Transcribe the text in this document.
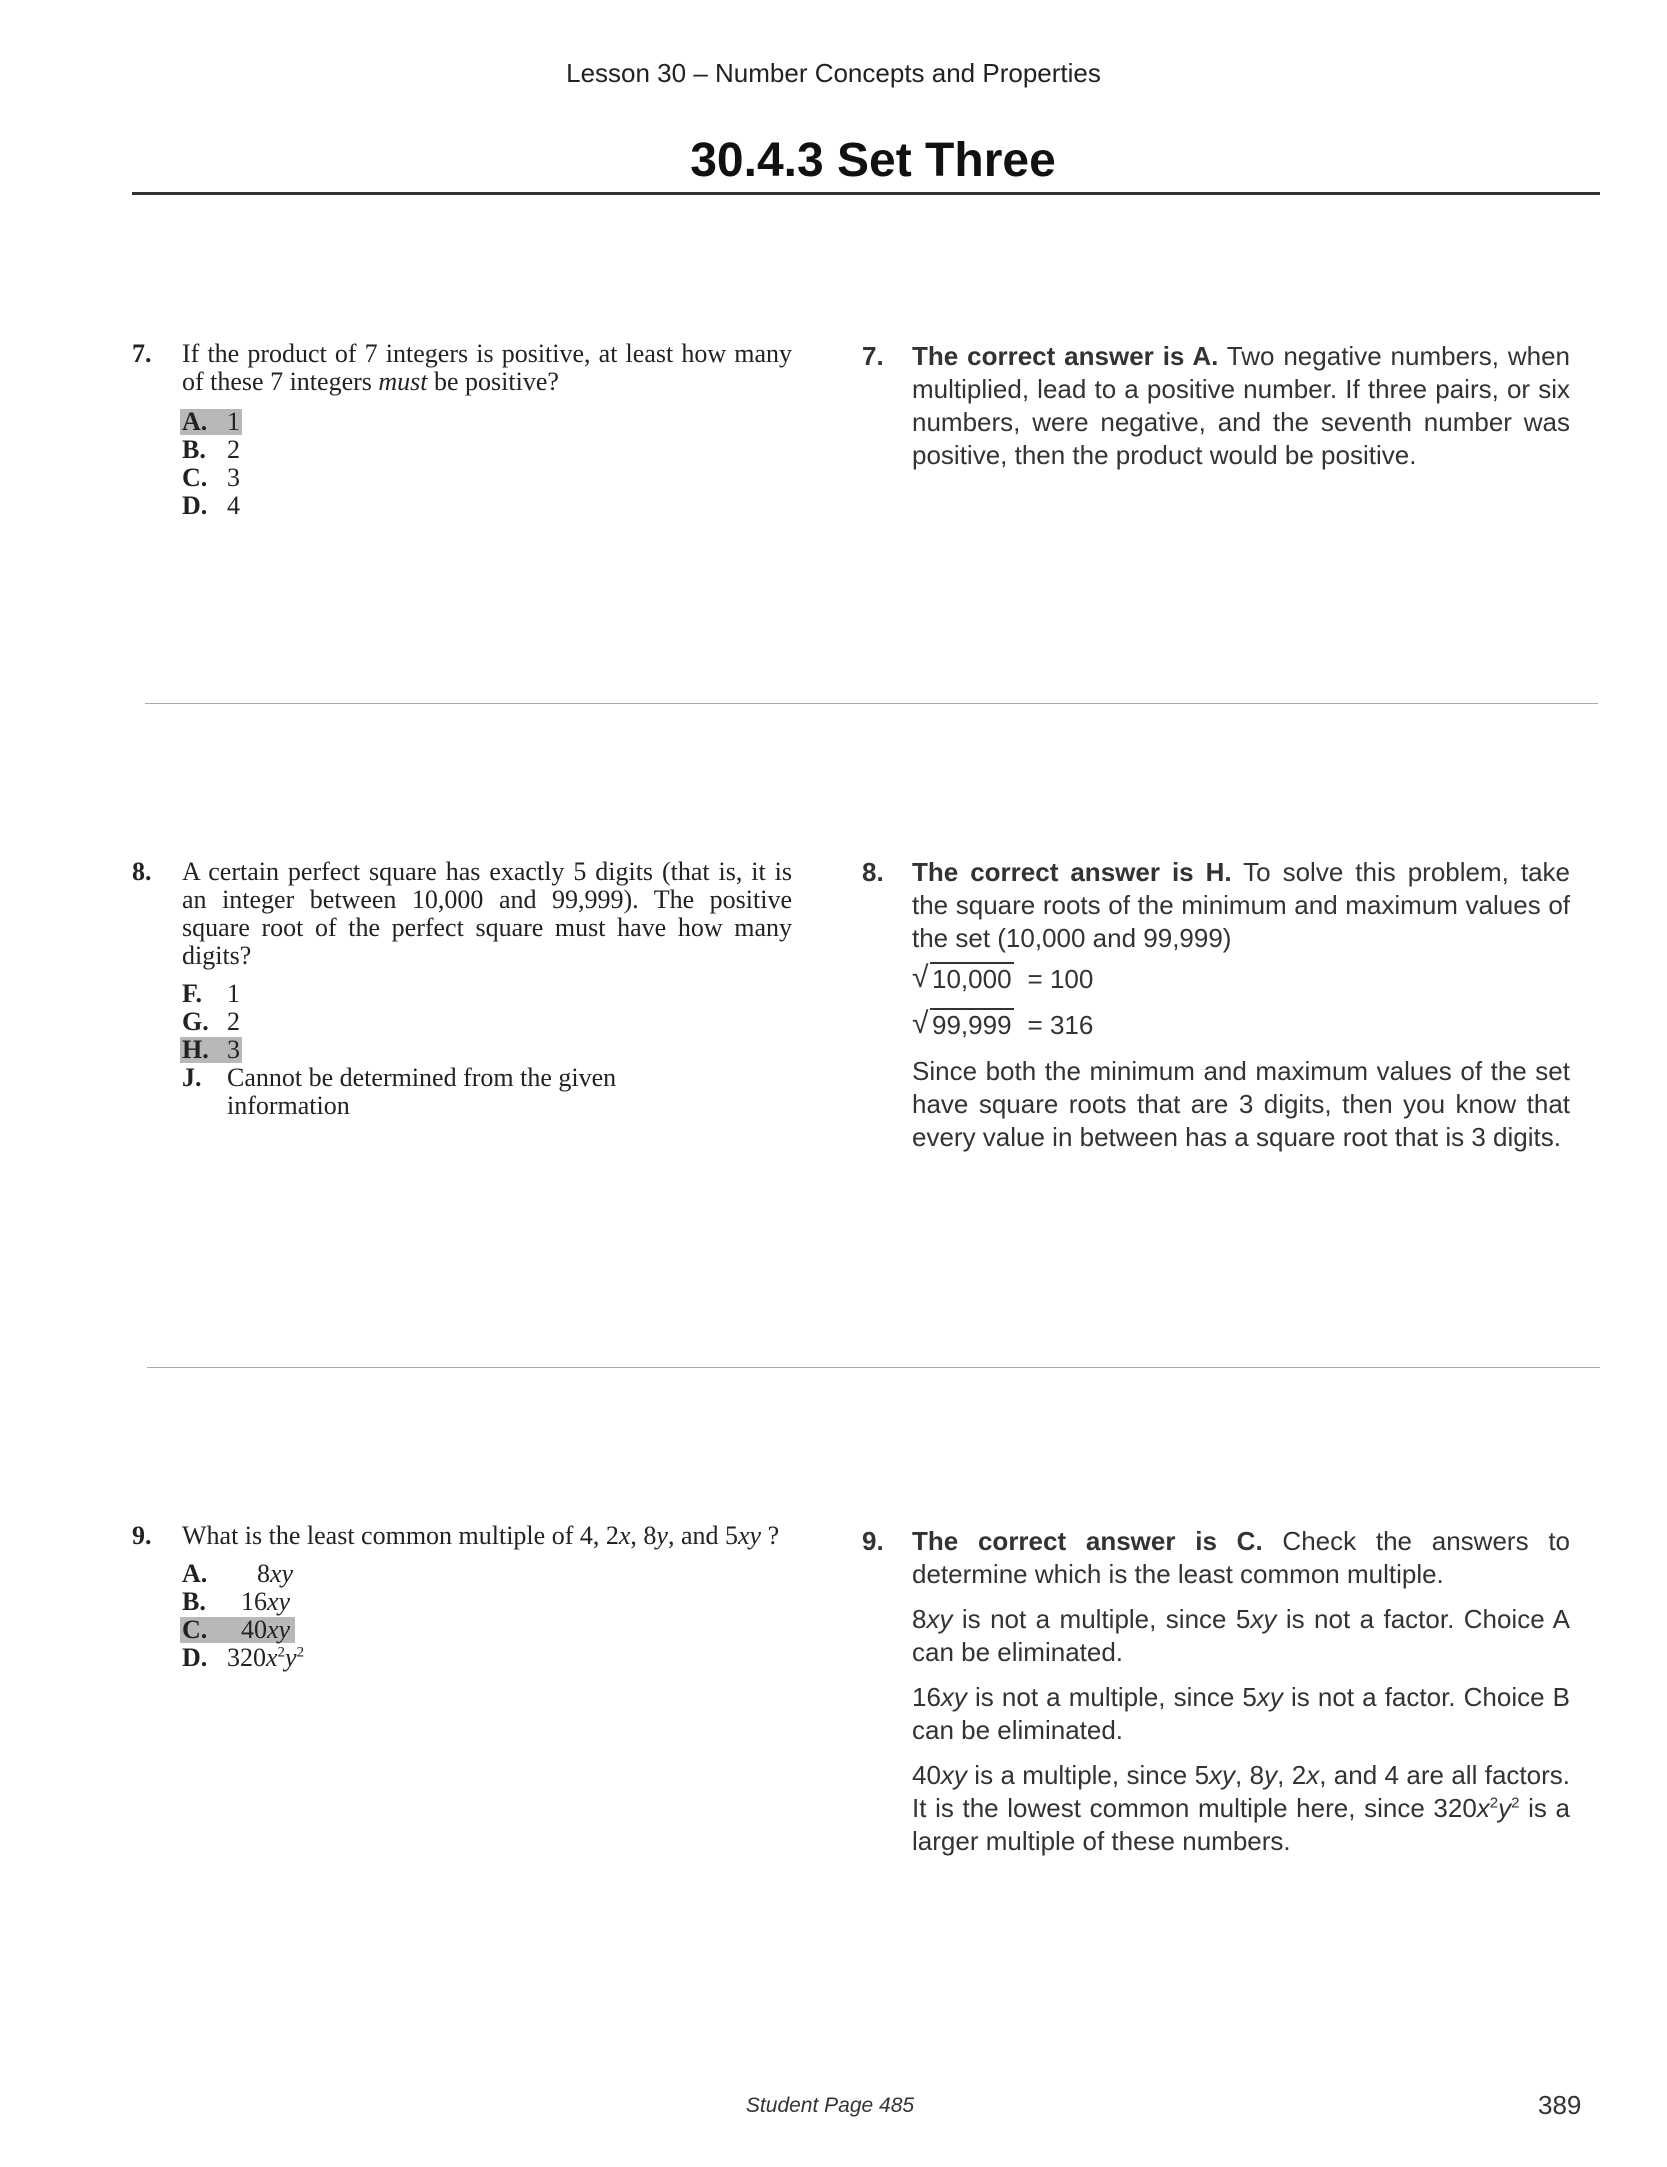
Lesson 30 – Number Concepts and Properties
30.4.3 Set Three
7. If the product of 7 integers is positive, at least how many of these 7 integers must be positive?
A. 1
B. 2
C. 3
D. 4
7. The correct answer is A. Two negative numbers, when multiplied, lead to a positive number. If three pairs, or six numbers, were negative, and the seventh number was positive, then the product would be positive.

8. A certain perfect square has exactly 5 digits (that is, it is an integer between 10,000 and 99,999). The positive square root of the perfect square must have how many digits?
F. 1
G. 2
H. 3
J. Cannot be determined from the given information
8. The correct answer is H. To solve this problem, take the square roots of the minimum and maximum values of the set (10,000 and 99,999)

√ 10,000 = 100
√ 99,999 = 316

Since both the minimum and maximum values of the set have square roots that are 3 digits, then you know that every value in between has a square root that is 3 digits.

9. What is the least common multiple of 4, 2x, 8y, and 5xy ?
A. 8xy
B. 16xy
C. 40xy
D. $320x^2y^2$
9. The correct answer is C. Check the answers to determine which is the least common multiple.

8xy is not a multiple, since 5xy is not a factor. Choice A can be eliminated.

16xy is not a multiple, since 5xy is not a factor. Choice B can be eliminated.

40xy is a multiple, since 5xy, 8y, 2x, and 4 are all factors. It is the lowest common multiple here, since $320x^2y^2$ is a larger multiple of these numbers.

Student Page 485	389
